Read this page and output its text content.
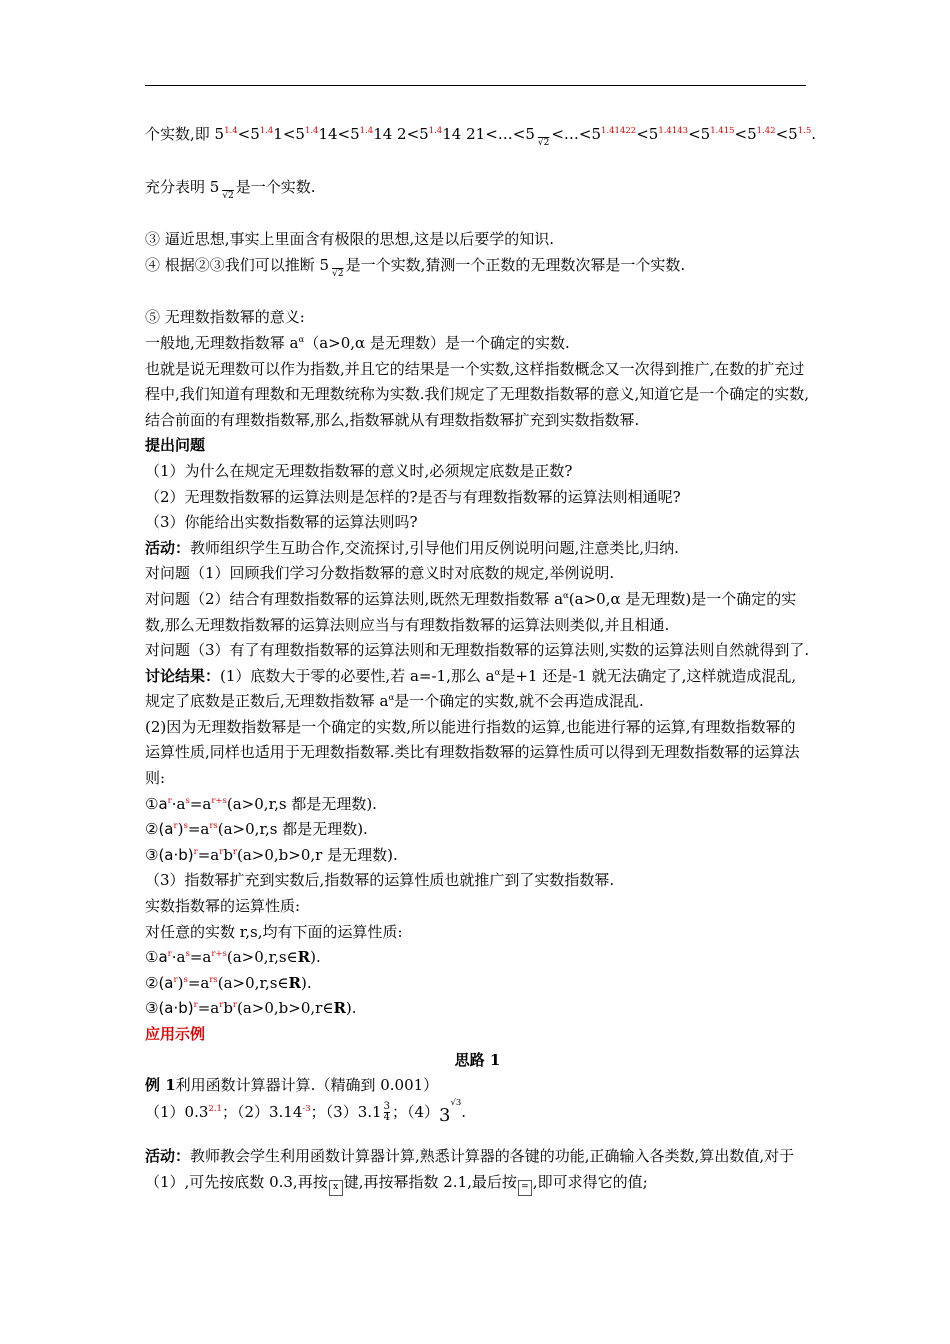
个实数,即 $5^{1.4}<5^{1.4}1<5^{1.4}14<5^{1.4}14$ $2<5^{1.4}14$ 21<…<5 $_{√2} <\dots<5^{1.41422}<5^{1.4143}<5^{1.415}<5^{1.42}<5^{1.5}$.

充分表明 5 $_{√2}$ 是一个实数.

③ 逼近思想,事实上里面含有极限的思想,这是以后要学的知识.

④ 根据②③我们可以推断 5 $_{√2}$ 是一个实数,猜测一个正数的无理数次幂是一个实数.

⑤ 无理数指数幂的意义:

一般地,无理数指数幂 $a^\alpha(a>0,\alpha$ 是无理数）是一个确定的实数.

也就是说无理数可以作为指数,并且它的结果是一个实数,这样指数概念又一次得到推广,在数的扩充过程中,我们知道有理数和无理数统称为实数.我们规定了无理数指数幂的意义,知道它是一个确定的实数,结合前面的有理数指数幂,那么,指数幂就从有理数指数幂扩充到实数指数幂.

提出问题

（1）为什么在规定无理数指数幂的意义时,必须规定底数是正数?

（2）无理数指数幂的运算法则是怎样的?是否与有理数指数幂的运算法则相通呢?

（3）你能给出实数指数幂的运算法则吗?

活动：教师组织学生互助合作,交流探讨,引导他们用反例说明问题,注意类比,归纳.

对问题（1）回顾我们学习分数指数幂的意义时对底数的规定,举例说明.

对问题（2）结合有理数指数幂的运算法则,既然无理数指数幂 $a^\alpha(a>0,\alpha$ 是无理数)是一个确定的实数,那么无理数指数幂的运算法则应当与有理数指数幂的运算法则类似,并且相通.

对问题（3）有了有理数指数幂的运算法则和无理数指数幂的运算法则,实数的运算法则自然就得到了.

讨论结果：(1）底数大于零的必要性,若 a=-1,那么 $a^\alpha$是+1 还是-1 就无法确定了,这样就造成混乱,规定了底数是正数后,无理数指数幂 $a^\alpha$是一个确定的实数,就不会再造成混乱.

(2)因为无理数指数幂是一个确定的实数,所以能进行指数的运算,也能进行幂的运算,有理数指数幂的运算性质,同样也适用于无理数指数幂.类比有理数指数幂的运算性质可以得到无理数指数幂的运算法则:

$①a^r\cdot a^s=a^{r+s}(a>0,r,s$ 都是无理数).

$②(a^r)^s=a^{rs}(a>0,r,s$ 都是无理数).

$③(a\cdot b)^r=a^rb^r(a>0,b>0,r$ 是无理数).

（3）指数幂扩充到实数后,指数幂的运算性质也就推广到了实数指数幂.

实数指数幂的运算性质:

对任意的实数 r,s,均有下面的运算性质:

$①a^r\cdot a^s=a^{r+s}(a>0,r,s\in R)$.

$②(a^r)^s=a^{rs}(a>0,r,s\in R)$.

$③(a\cdot b)^r=a^rb^r(a>0,b>0,r\in R)$.

应用示例

思路 1

例 1利用函数计算器计算.（精确到 0.001）

$(1)0.3^{2.1}$；$(2)3.14^{-3}$；$(3)3.1 \frac{3}{4}$ ；$(4)3^{√3}$.

活动：教师教会学生利用函数计算器计算,熟悉计算器的各键的功能,正确输入各类数,算出数值,对于（1）,可先按底数 0.3,再按 x 键,再按幂指数 2.1,最后按 = ,即可求得它的值;
